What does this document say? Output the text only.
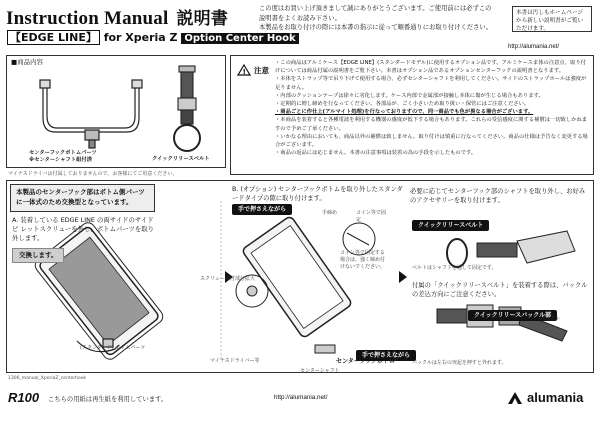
Instruction Manual 説明書
【EDGE LINE】 for Xperia Z Option Center Hook
この度はお買い上げ頂きまして誠にありがとうございます。ご使用前には必ずこの
説明書をよくお読み下さい。
本製品をお取り付けの際には本書の指示に従って順番通りにお取り付けください。
本書は汚しもホームページから新しい説明書がご覧いただけます。
http://alumania.net/
■商品内容
センターフックボトムパーツ
※センターシャフト組付済	クイックリリースベルト
マイナスドライバは付属しておりませんので、お客様にてご用意ください。
! 注意
・この商品はアルミケース【EDGE LINE】(スタンダードモデル)に使用するオプション品です。アルミケースま体の注意点、取り付けについては商品付属の説明書をご覧下さい。本書はオプション品であるオプションセンターフックの説明書となります。
・本体をストラップ等で吊り下げて使用する場合、必ずセンターシャフトを利用してください。サイドのストラップホールは強度が足りません。
・内部のクッションテープは徐々に劣化します。ケース内部で金属部が接触し本体に傷が生じる場合もあります。
・定期的に増し締めを行なってください。各部品が、ごく小さいため取り扱い・保管にはご注意ください。
・商品ごとに作仕上(アルマイト処理)を行なっておりますので、同一商品でも色が異なる場合がございます。
・本商品を装着すると各種電波を利用する機器の感度が低下する場合もあります。これらの受信感度に関する補償は一切致しかねますので予めご了承ください。
・いかなる理由においても、商品以外の補償は致しません。取り付けは慎重に行なってください。商品の仕様は予告なく変更する場合がございます。
・商品の返品には応じません。本書の注意事項は装着の為の手段を示したものです。
本製品のセンターフック部はボトム側パーツに一体式のため交換型となっています。
A. 装着している EDGE LINE の両サイドのサイドビ レットスクリューを外し、ボトムパーツを取り外します。
交換します。
(スタンダード) ボトムパーツ
B. (オプション) センターフックボトムを取り外したスタンダードタイプの隙に取り付けます。
手で押さえながら	手締め	コイン等で固定
スクリュー締付部分拡大
コイン等で固定する場合は、強く締め付けないでください。
手で押さえながら
マイナスドライバー等
センターシャフト
センターフックボトム
必要に応じてセンターフック部のシャフトを取り外し、お好みのアクセサリーを取り付けます。
クイックリリースベルト
ベルトはシャフトを通して固定です。
付属の「クイックリリースベルト」を装着する際は、バックルの差込方向にご注意ください。
クイックリリースバックル部
バックル
バックルは左右の突起を押すと外れます。
1306_manual_XperiaZ_centerhook
R100 こちらの用紙は再生紙を利用しています。	http://alumania.net/	alumania
